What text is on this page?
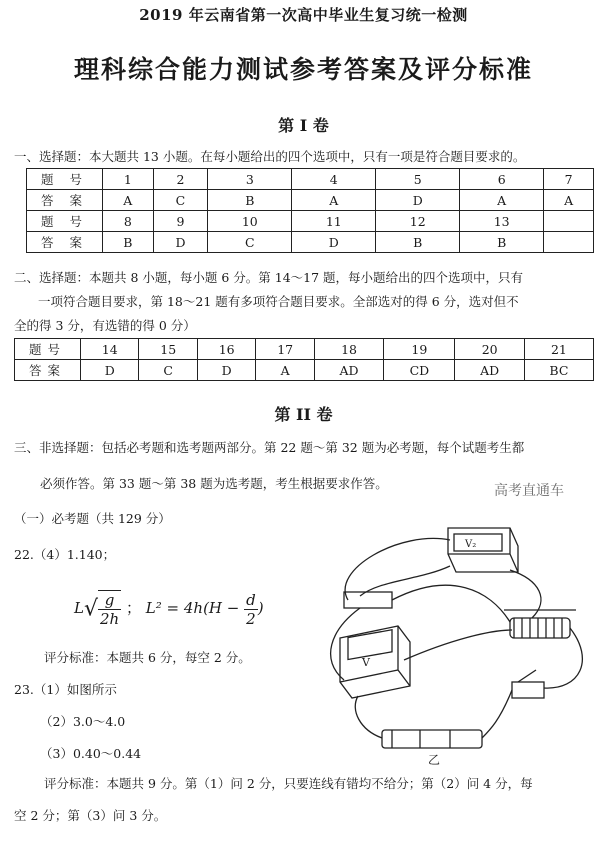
2019 年云南省第一次高中毕业生复习统一检测
理科综合能力测试参考答案及评分标准
第 I 卷
一、选择题：本大题共 13 小题。在每小题给出的四个选项中，只有一项是符合题目要求的。
题 号	1	2	3	4	5	6	7
答 案	A	C	B	A	D	A	A
题 号	8	9	10	11	12	13	
答 案	B	D	C	D	B	B	
二、选择题：本题共 8 小题，每小题 6 分。第 14～17 题，每小题给出的四个选项中，只有
一项符合题目要求，第 18～21 题有多项符合题目要求。全部选对的得 6 分，选对但不
全的得 3 分，有选错的得 0 分）
题号	14	15	16	17	18	19	20	21
答案	D	C	D	A	AD	CD	AD	BC
第 II 卷
三、非选择题：包括必考题和选考题两部分。第 22 题～第 32 题为必考题，每个试题考生都
必须作答。第 33 题～第 38 题为选考题，考生根据要求作答。	高考直通车
（一）必考题（共 129 分）
22.（4）1.140；
$L√ \frac{g}{2h}$ ； $L^2 = 4h(H - \frac{d}{2}$ )
评分标准：本题共 6 分，每空 2 分。
23.（1）如图所示
（2）3.0～4.0
（3）0.40～0.44
评分标准：本题共 9 分。第（1）问 2 分，只要连线有错均不给分；第（2）问 4 分，每
空 2 分；第（3）问 3 分。
V₂
V
乙
